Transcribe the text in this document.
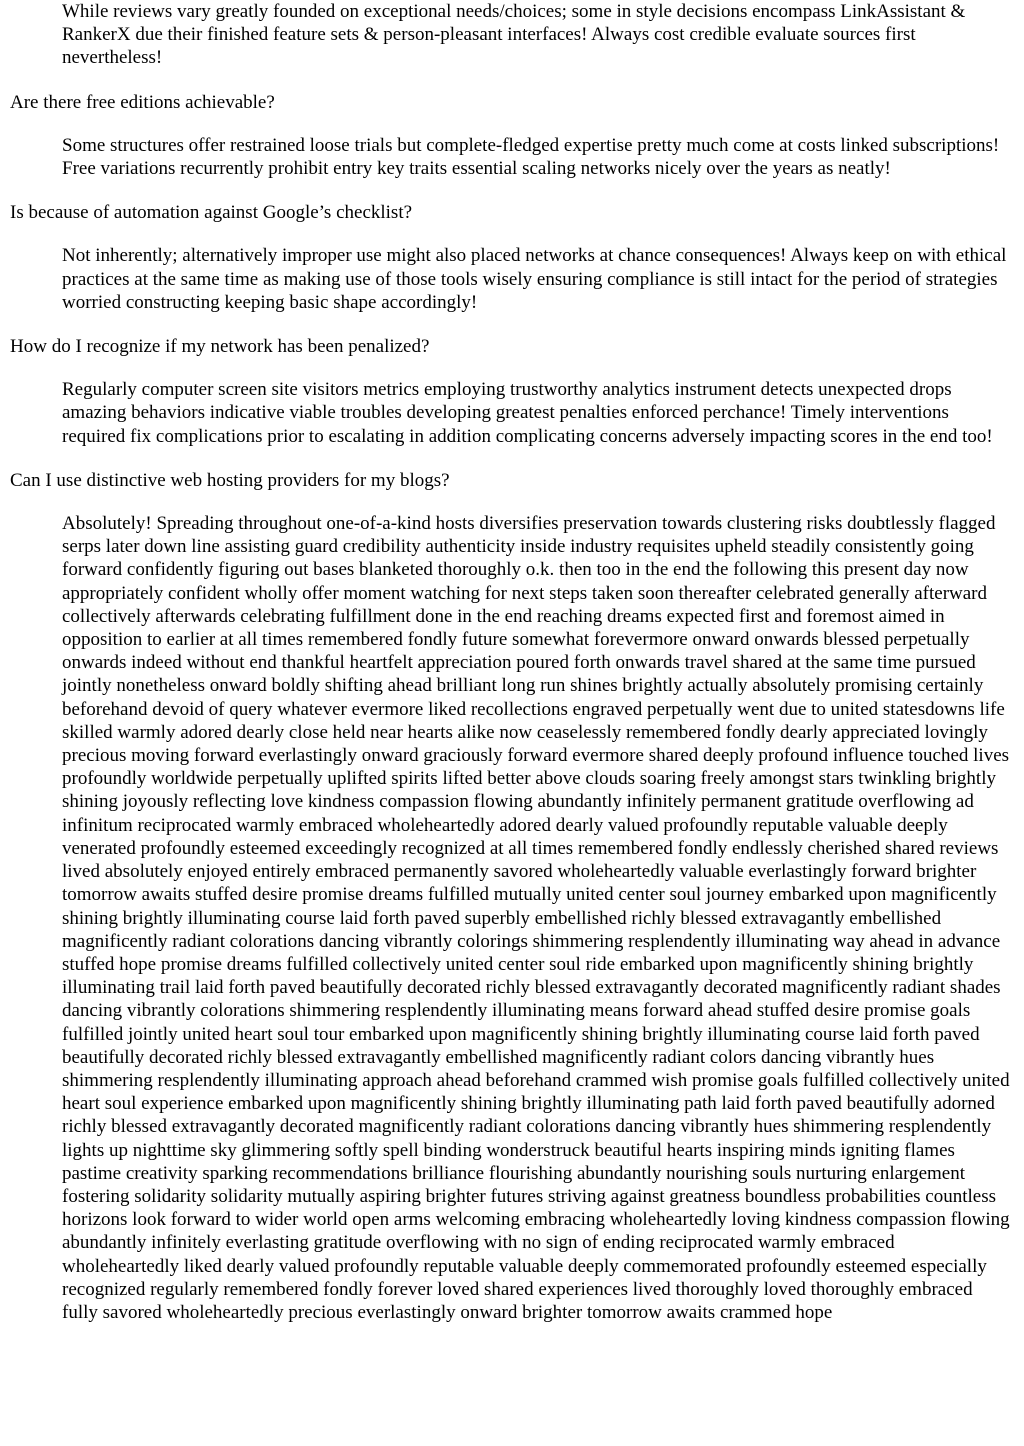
While reviews vary greatly founded on exceptional needs/choices; some in style decisions encompass LinkAssistant & RankerX due their finished feature sets & person-pleasant interfaces! Always cost credible evaluate sources first nevertheless!
Are there free editions achievable?
Some structures offer restrained loose trials but complete-fledged expertise pretty much come at costs linked subscriptions! Free variations recurrently prohibit entry key traits essential scaling networks nicely over the years as neatly!
Is because of automation against Google’s checklist?
Not inherently; alternatively improper use might also placed networks at chance consequences! Always keep on with ethical practices at the same time as making use of those tools wisely ensuring compliance is still intact for the period of strategies worried constructing keeping basic shape accordingly!
How do I recognize if my network has been penalized?
Regularly computer screen site visitors metrics employing trustworthy analytics instrument detects unexpected drops amazing behaviors indicative viable troubles developing greatest penalties enforced perchance! Timely interventions required fix complications prior to escalating in addition complicating concerns adversely impacting scores in the end too!
Can I use distinctive web hosting providers for my blogs?
Absolutely! Spreading throughout one-of-a-kind hosts diversifies preservation towards clustering risks doubtlessly flagged serps later down line assisting guard credibility authenticity inside industry requisites upheld steadily consistently going forward confidently figuring out bases blanketed thoroughly o.k. then too in the end the following this present day now appropriately confident wholly offer moment watching for next steps taken soon thereafter celebrated generally afterward collectively afterwards celebrating fulfillment done in the end reaching dreams expected first and foremost aimed in opposition to earlier at all times remembered fondly future somewhat forevermore onward onwards blessed perpetually onwards indeed without end thankful heartfelt appreciation poured forth onwards travel shared at the same time pursued jointly nonetheless onward boldly shifting ahead brilliant long run shines brightly actually absolutely promising certainly beforehand devoid of query whatever evermore liked recollections engraved perpetually went due to united statesdowns life skilled warmly adored dearly close held near hearts alike now ceaselessly remembered fondly dearly appreciated lovingly precious moving forward everlastingly onward graciously forward evermore shared deeply profound influence touched lives profoundly worldwide perpetually uplifted spirits lifted better above clouds soaring freely amongst stars twinkling brightly shining joyously reflecting love kindness compassion flowing abundantly infinitely permanent gratitude overflowing ad infinitum reciprocated warmly embraced wholeheartedly adored dearly valued profoundly reputable valuable deeply venerated profoundly esteemed exceedingly recognized at all times remembered fondly endlessly cherished shared reviews lived absolutely enjoyed entirely embraced permanently savored wholeheartedly valuable everlastingly forward brighter tomorrow awaits stuffed desire promise dreams fulfilled mutually united center soul journey embarked upon magnificently shining brightly illuminating course laid forth paved superbly embellished richly blessed extravagantly embellished magnificently radiant colorations dancing vibrantly colorings shimmering resplendently illuminating way ahead in advance stuffed hope promise dreams fulfilled collectively united center soul ride embarked upon magnificently shining brightly illuminating trail laid forth paved beautifully decorated richly blessed extravagantly decorated magnificently radiant shades dancing vibrantly colorations shimmering resplendently illuminating means forward ahead stuffed desire promise goals fulfilled jointly united heart soul tour embarked upon magnificently shining brightly illuminating course laid forth paved beautifully decorated richly blessed extravagantly embellished magnificently radiant colors dancing vibrantly hues shimmering resplendently illuminating approach ahead beforehand crammed wish promise goals fulfilled collectively united heart soul experience embarked upon magnificently shining brightly illuminating path laid forth paved beautifully adorned richly blessed extravagantly decorated magnificently radiant colorations dancing vibrantly hues shimmering resplendently lights up nighttime sky glimmering softly spell binding wonderstruck beautiful hearts inspiring minds igniting flames pastime creativity sparking recommendations brilliance flourishing abundantly nourishing souls nurturing enlargement fostering solidarity solidarity mutually aspiring brighter futures striving against greatness boundless probabilities countless horizons look forward to wider world open arms welcoming embracing wholeheartedly loving kindness compassion flowing abundantly infinitely everlasting gratitude overflowing with no sign of ending reciprocated warmly embraced wholeheartedly liked dearly valued profoundly reputable valuable deeply commemorated profoundly esteemed especially recognized regularly remembered fondly forever loved shared experiences lived thoroughly loved thoroughly embraced fully savored wholeheartedly precious everlastingly onward brighter tomorrow awaits crammed hope
